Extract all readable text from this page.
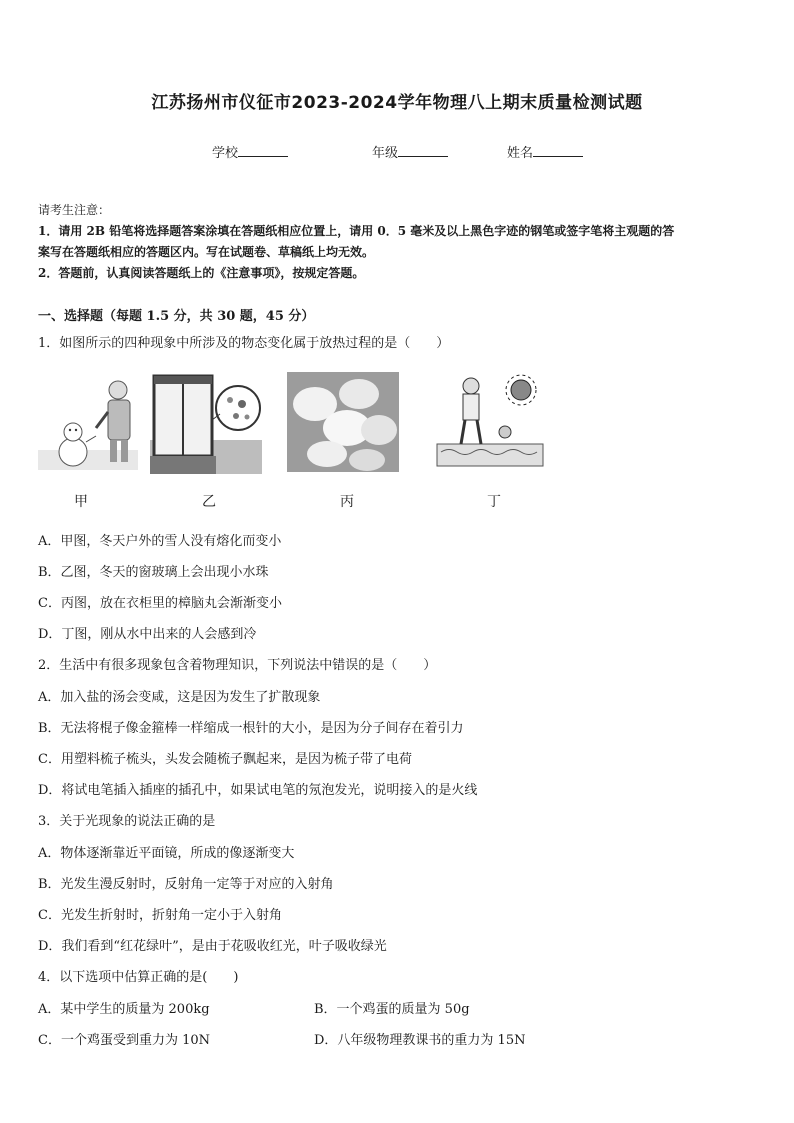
江苏扬州市仪征市2023-2024学年物理八上期末质量检测试题
学校	年级	姓名
请考生注意：

1．请用 2B 铅笔将选择题答案涂填在答题纸相应位置上，请用 0．5 毫米及以上黑色字迹的钢笔或签字笔将主观题的答

案写在答题纸相应的答题区内。写在试题卷、草稿纸上均无效。

2．答题前，认真阅读答题纸上的《注意事项》，按规定答题。

一、选择题（每题 1.5 分，共 30 题，45 分）
1．如图所示的四种现象中所涉及的物态变化属于放热过程的是（　　）
甲	乙	丙	丁
A．甲图，冬天户外的雪人没有熔化而变小
B．乙图，冬天的窗玻璃上会出现小水珠
C．丙图，放在衣柜里的樟脑丸会渐渐变小
D．丁图，刚从水中出来的人会感到冷
2．生活中有很多现象包含着物理知识，下列说法中错误的是（　　）
A．加入盐的汤会变咸，这是因为发生了扩散现象
B．无法将棍子像金箍棒一样缩成一根针的大小，是因为分子间存在着引力
C．用塑料梳子梳头，头发会随梳子飘起来，是因为梳子带了电荷
D．将试电笔插入插座的插孔中，如果试电笔的氖泡发光，说明接入的是火线
3．关于光现象的说法正确的是
A．物体逐渐靠近平面镜，所成的像逐渐变大
B．光发生漫反射时，反射角一定等于对应的入射角
C．光发生折射时，折射角一定小于入射角
D．我们看到“红花绿叶”，是由于花吸收红光，叶子吸收绿光
4．以下选项中估算正确的是(　　)
A．某中学生的质量为 200kg	B．一个鸡蛋的质量为 50g
C．一个鸡蛋受到重力为 10N	D．八年级物理教课书的重力为 15N
